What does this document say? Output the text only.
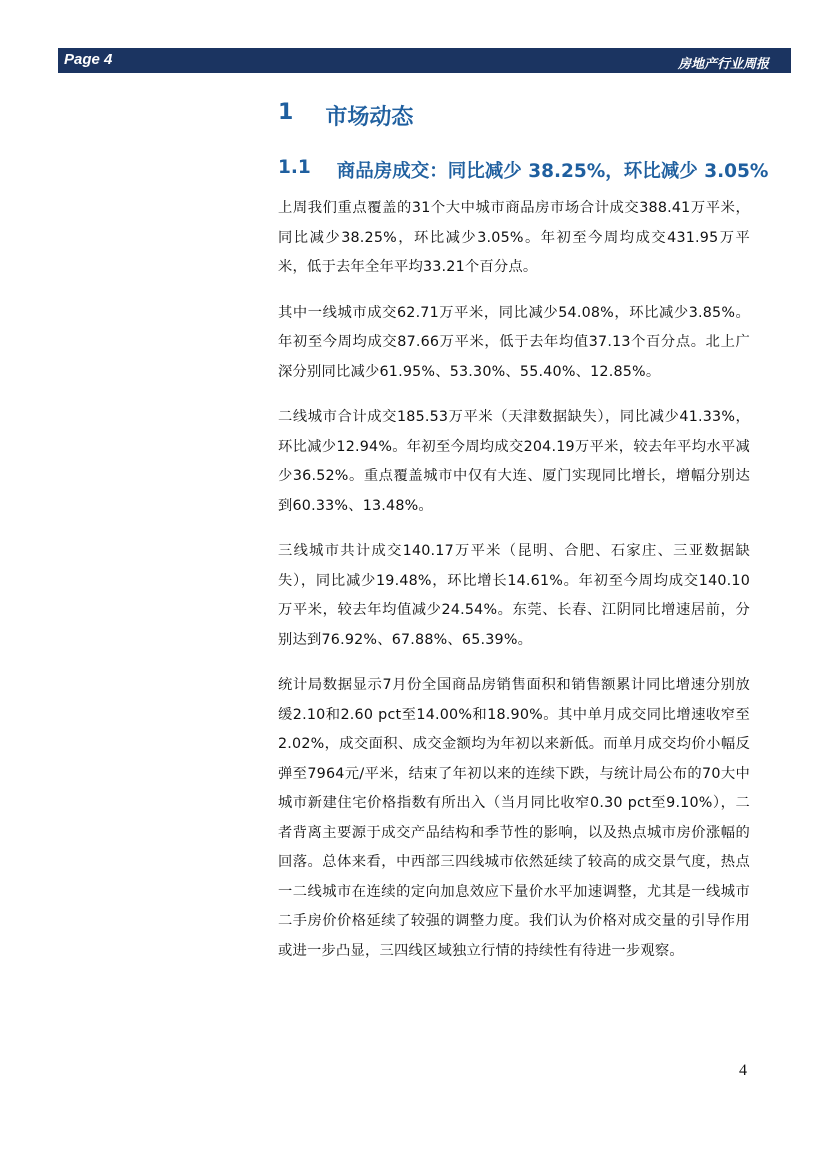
Page 4	房地产行业周报
1 市场动态
1.1 商品房成交：同比减少 38.25%，环比减少 3.05%

上周我们重点覆盖的31个大中城市商品房市场合计成交388.41万平米，同比减少38.25%，环比减少3.05%。年初至今周均成交431.95万平米，低于去年全年平均33.21个百分点。

其中一线城市成交62.71万平米，同比减少54.08%，环比减少3.85%。年初至今周均成交87.66万平米，低于去年均值37.13个百分点。北上广深分别同比减少61.95%、53.30%、55.40%、12.85%。

二线城市合计成交185.53万平米（天津数据缺失），同比减少41.33%，环比减少12.94%。年初至今周均成交204.19万平米，较去年平均水平减少36.52%。重点覆盖城市中仅有大连、厦门实现同比增长，增幅分别达到60.33%、13.48%。

三线城市共计成交140.17万平米（昆明、合肥、石家庄、三亚数据缺失），同比减少19.48%，环比增长14.61%。年初至今周均成交140.10万平米，较去年均值减少24.54%。东莞、长春、江阴同比增速居前，分别达到76.92%、67.88%、65.39%。

统计局数据显示7月份全国商品房销售面积和销售额累计同比增速分别放缓2.10和2.60 pct至14.00%和18.90%。其中单月成交同比增速收窄至2.02%，成交面积、成交金额均为年初以来新低。而单月成交均价小幅反弹至7964元/平米，结束了年初以来的连续下跌，与统计局公布的70大中城市新建住宅价格指数有所出入（当月同比收窄0.30 pct至9.10%），二者背离主要源于成交产品结构和季节性的影响，以及热点城市房价涨幅的回落。总体来看，中西部三四线城市依然延续了较高的成交景气度，热点一二线城市在连续的定向加息效应下量价水平加速调整，尤其是一线城市二手房价价格延续了较强的调整力度。我们认为价格对成交量的引导作用或进一步凸显，三四线区域独立行情的持续性有待进一步观察。

4
